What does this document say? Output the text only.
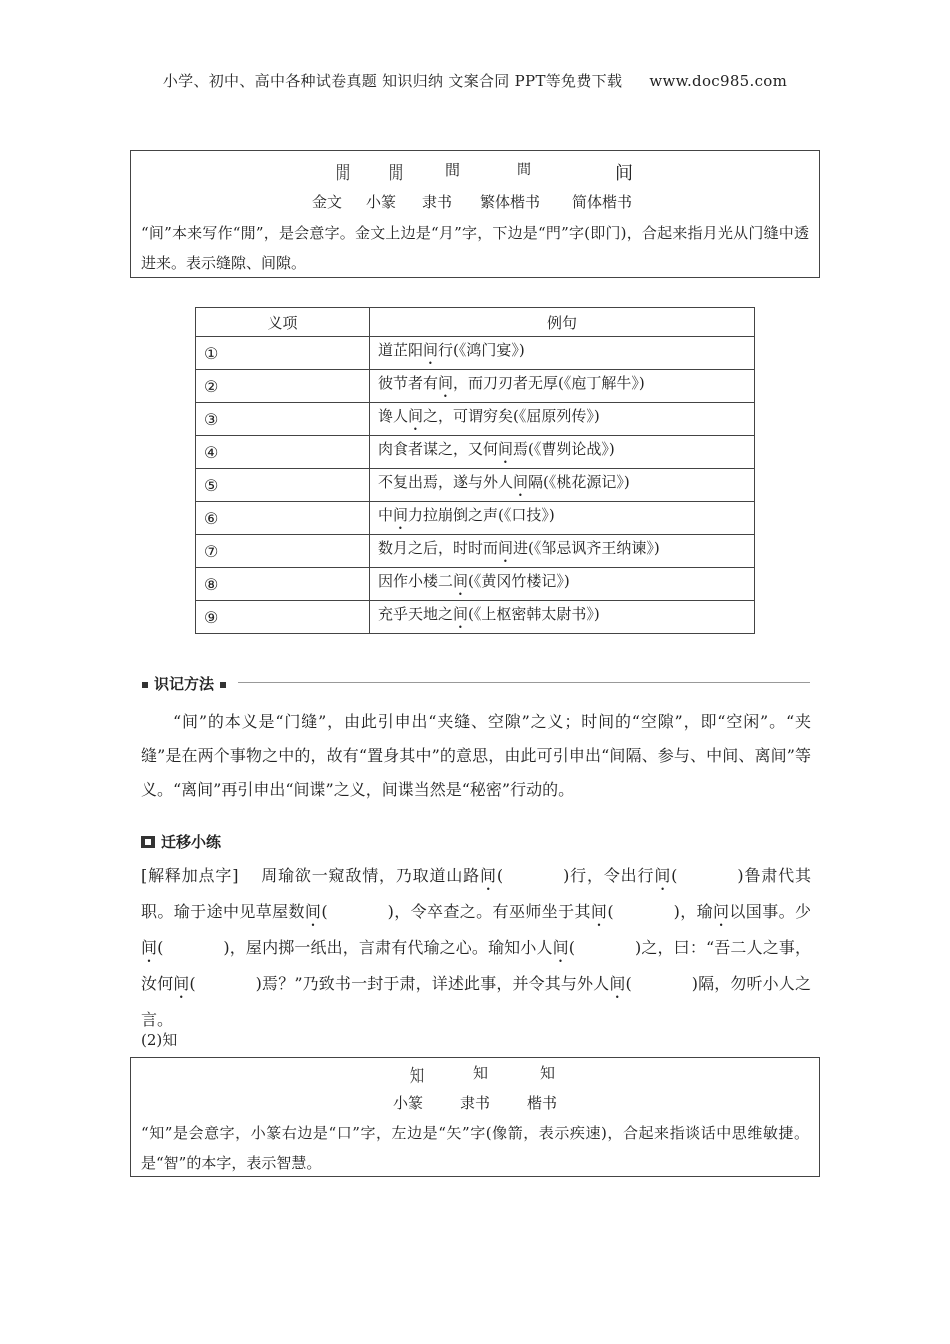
小学、初中、高中各种试卷真题 知识归纳 文案合同 PPT等免费下载 www.doc985.com
閒 閒	間	間	间
金文 小篆 隶书 繁体楷书 简体楷书
“间”本来写作“閒”，是会意字。金文上边是“月”字，下边是“門”字(即门)，合起来指月光从门缝中透进来。表示缝隙、间隙。
义项	例句
①	道芷阳间行(《鸿门宴》)
②	彼节者有间，而刀刃者无厚(《庖丁解牛》)
③	谗人间之，可谓穷矣(《屈原列传》)
④	肉食者谋之，又何间焉(《曹刿论战》)
⑤	不复出焉，遂与外人间隔(《桃花源记》)
⑥	中间力拉崩倒之声(《口技》)
⑦	数月之后，时时而间进(《邹忌讽齐王纳谏》)
⑧	因作小楼二间(《黄冈竹楼记》)
⑨	充乎天地之间(《上枢密韩太尉书》)
识记方法
“间”的本义是“门缝”，由此引申出“夹缝、空隙”之义；时间的“空隙”，即“空闲”。“夹缝”是在两个事物之中的，故有“置身其中”的意思，由此可引申出“间隔、参与、中间、离间”等义。“离间”再引申出“间谍”之义，间谍当然是“秘密”行动的。
迁移小练
[解释加点字]   周瑜欲一窥敌情，乃取道山路间(	)行，令出行间(	)鲁肃代其职。瑜于途中见草屋数间(	)，令卒查之。有巫师坐于其间(	)，瑜问以国事。少间(	)，屋内掷一纸出，言肃有代瑜之心。瑜知小人间(	)之，曰：“吾二人之事，汝何间(	)焉？”乃致书一封于肃，详述此事，并令其与外人间(	)隔，勿听小人之言。
(2)知
知	知	知
小篆 隶书 楷书
“知”是会意字，小篆右边是“口”字，左边是“矢”字(像箭，表示疾速)，合起来指谈话中思维敏捷。是“智”的本字，表示智慧。
